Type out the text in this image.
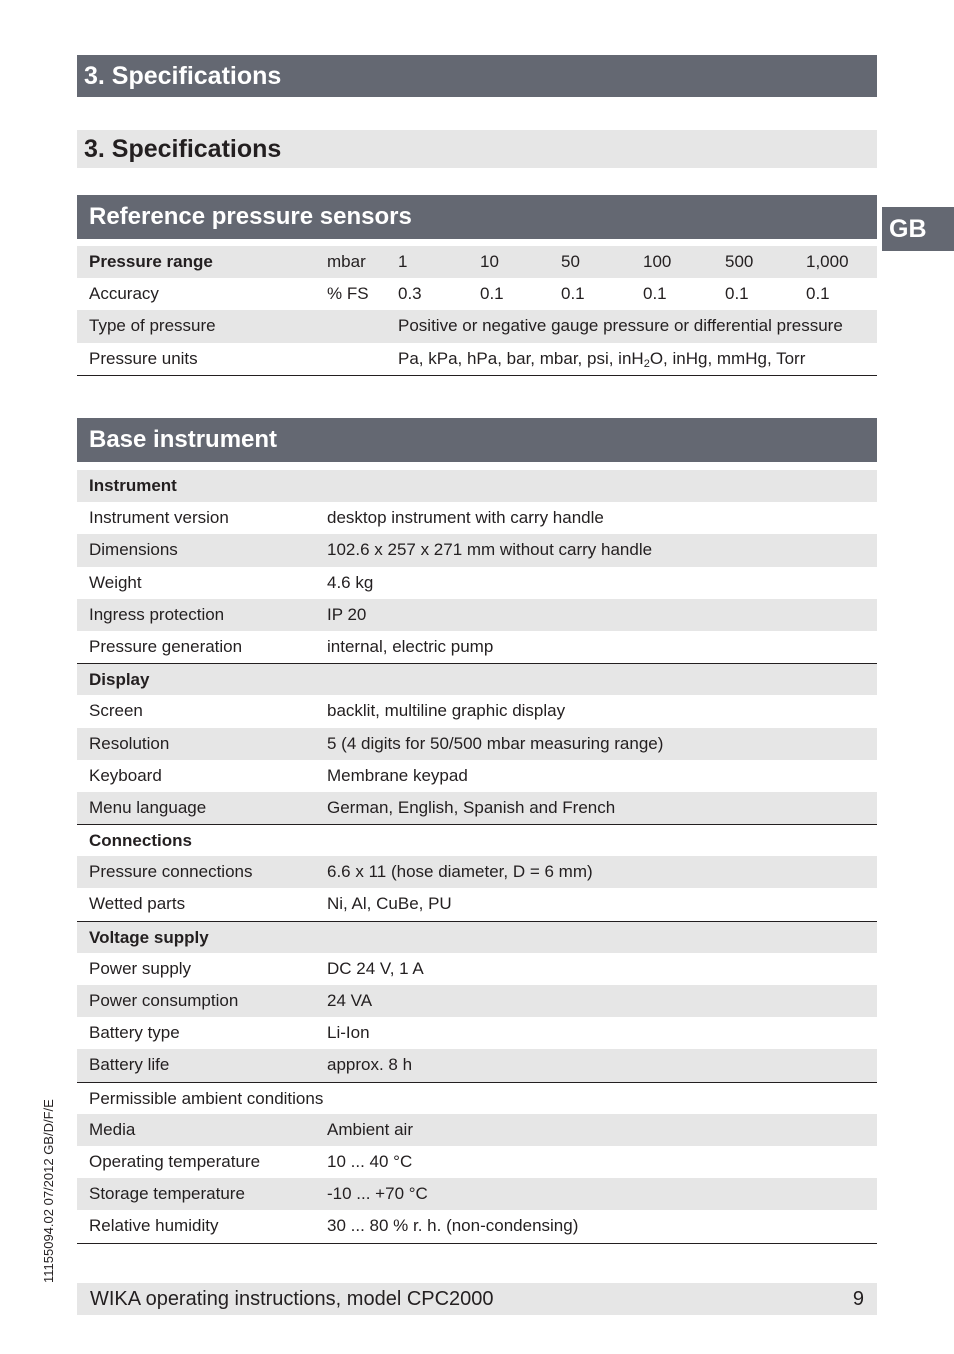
3. Specifications
3. Specifications
GB
Reference pressure sensors
Pressure range	mbar 1	10	50	100	500	1,000
Accuracy	% FS 0.3	0.1	0.1	0.1	0.1	0.1
Type of pressure	Positive or negative gauge pressure or differential pressure
Pressure units	Pa, kPa, hPa, bar, mbar, psi, inH$_2$O, inHg, mmHg, Torr
Base instrument
Instrument
Instrument version	desktop instrument with carry handle
Dimensions	102.6 x 257 x 271 mm without carry handle
Weight	4.6 kg
Ingress protection	IP 20
Pressure generation	internal, electric pump
Display
Screen	backlit, multiline graphic display
Resolution	5 (4 digits for 50/500 mbar measuring range)
Keyboard	Membrane keypad
Menu language	German, English, Spanish and French
Connections
Pressure connections	6.6 x 11 (hose diameter, D = 6 mm)
Wetted parts	Ni, Al, CuBe, PU
Voltage supply
Power supply	DC 24 V, 1 A
Power consumption	24 VA
Battery type	Li-Ion
Battery life	approx. 8 h
Permissible ambient conditions
Media	Ambient air
Operating temperature	10 ... 40 °C
Storage temperature	-10 ... +70 °C
Relative humidity	30 ... 80 % r. h. (non-condensing)
11155094.02 07/2012 GB/D/F/E
WIKA operating instructions, model CPC2000	9
